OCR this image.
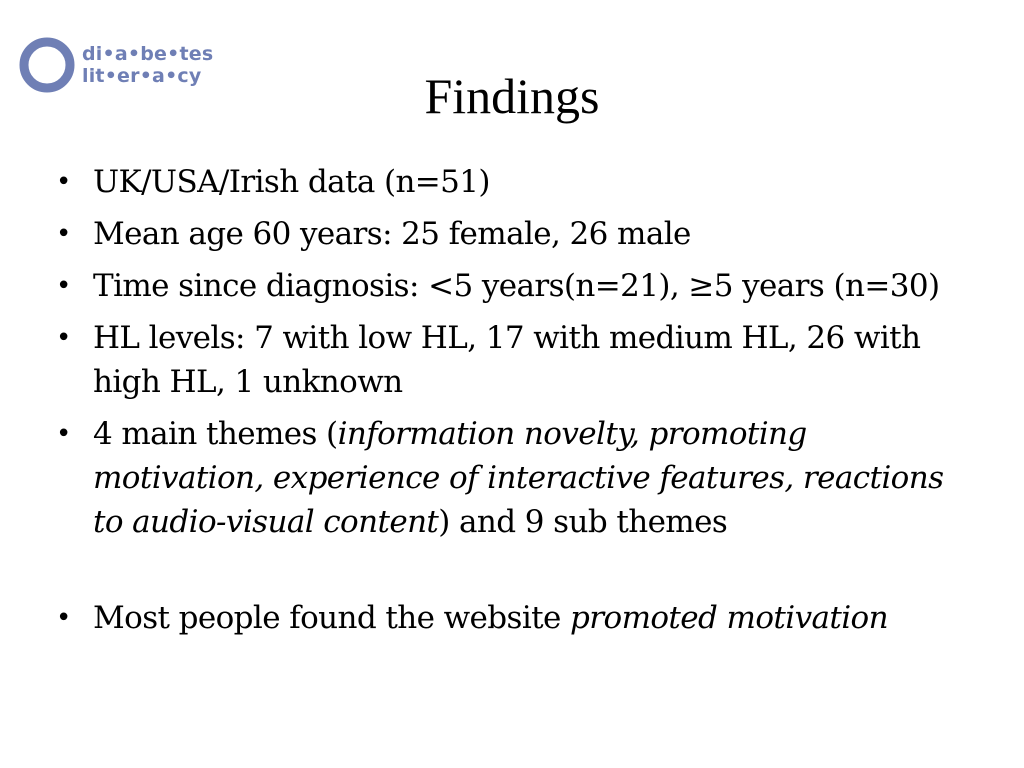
di•a•be•tes
lit•er•a•cy	Findings
• UK/USA/Irish data (n=51)
• Mean age 60 years: 25 female, 26 male
• Time since diagnosis: <5 years(n=21), ≥5 years (n=30)
• HL levels: 7 with low HL, 17 with medium HL, 26 with high HL, 1 unknown
• 4 main themes (information novelty, promoting motivation, experience of interactive features, reactions to audio-visual content) and 9 sub themes
• Most people found the website promoted motivation
